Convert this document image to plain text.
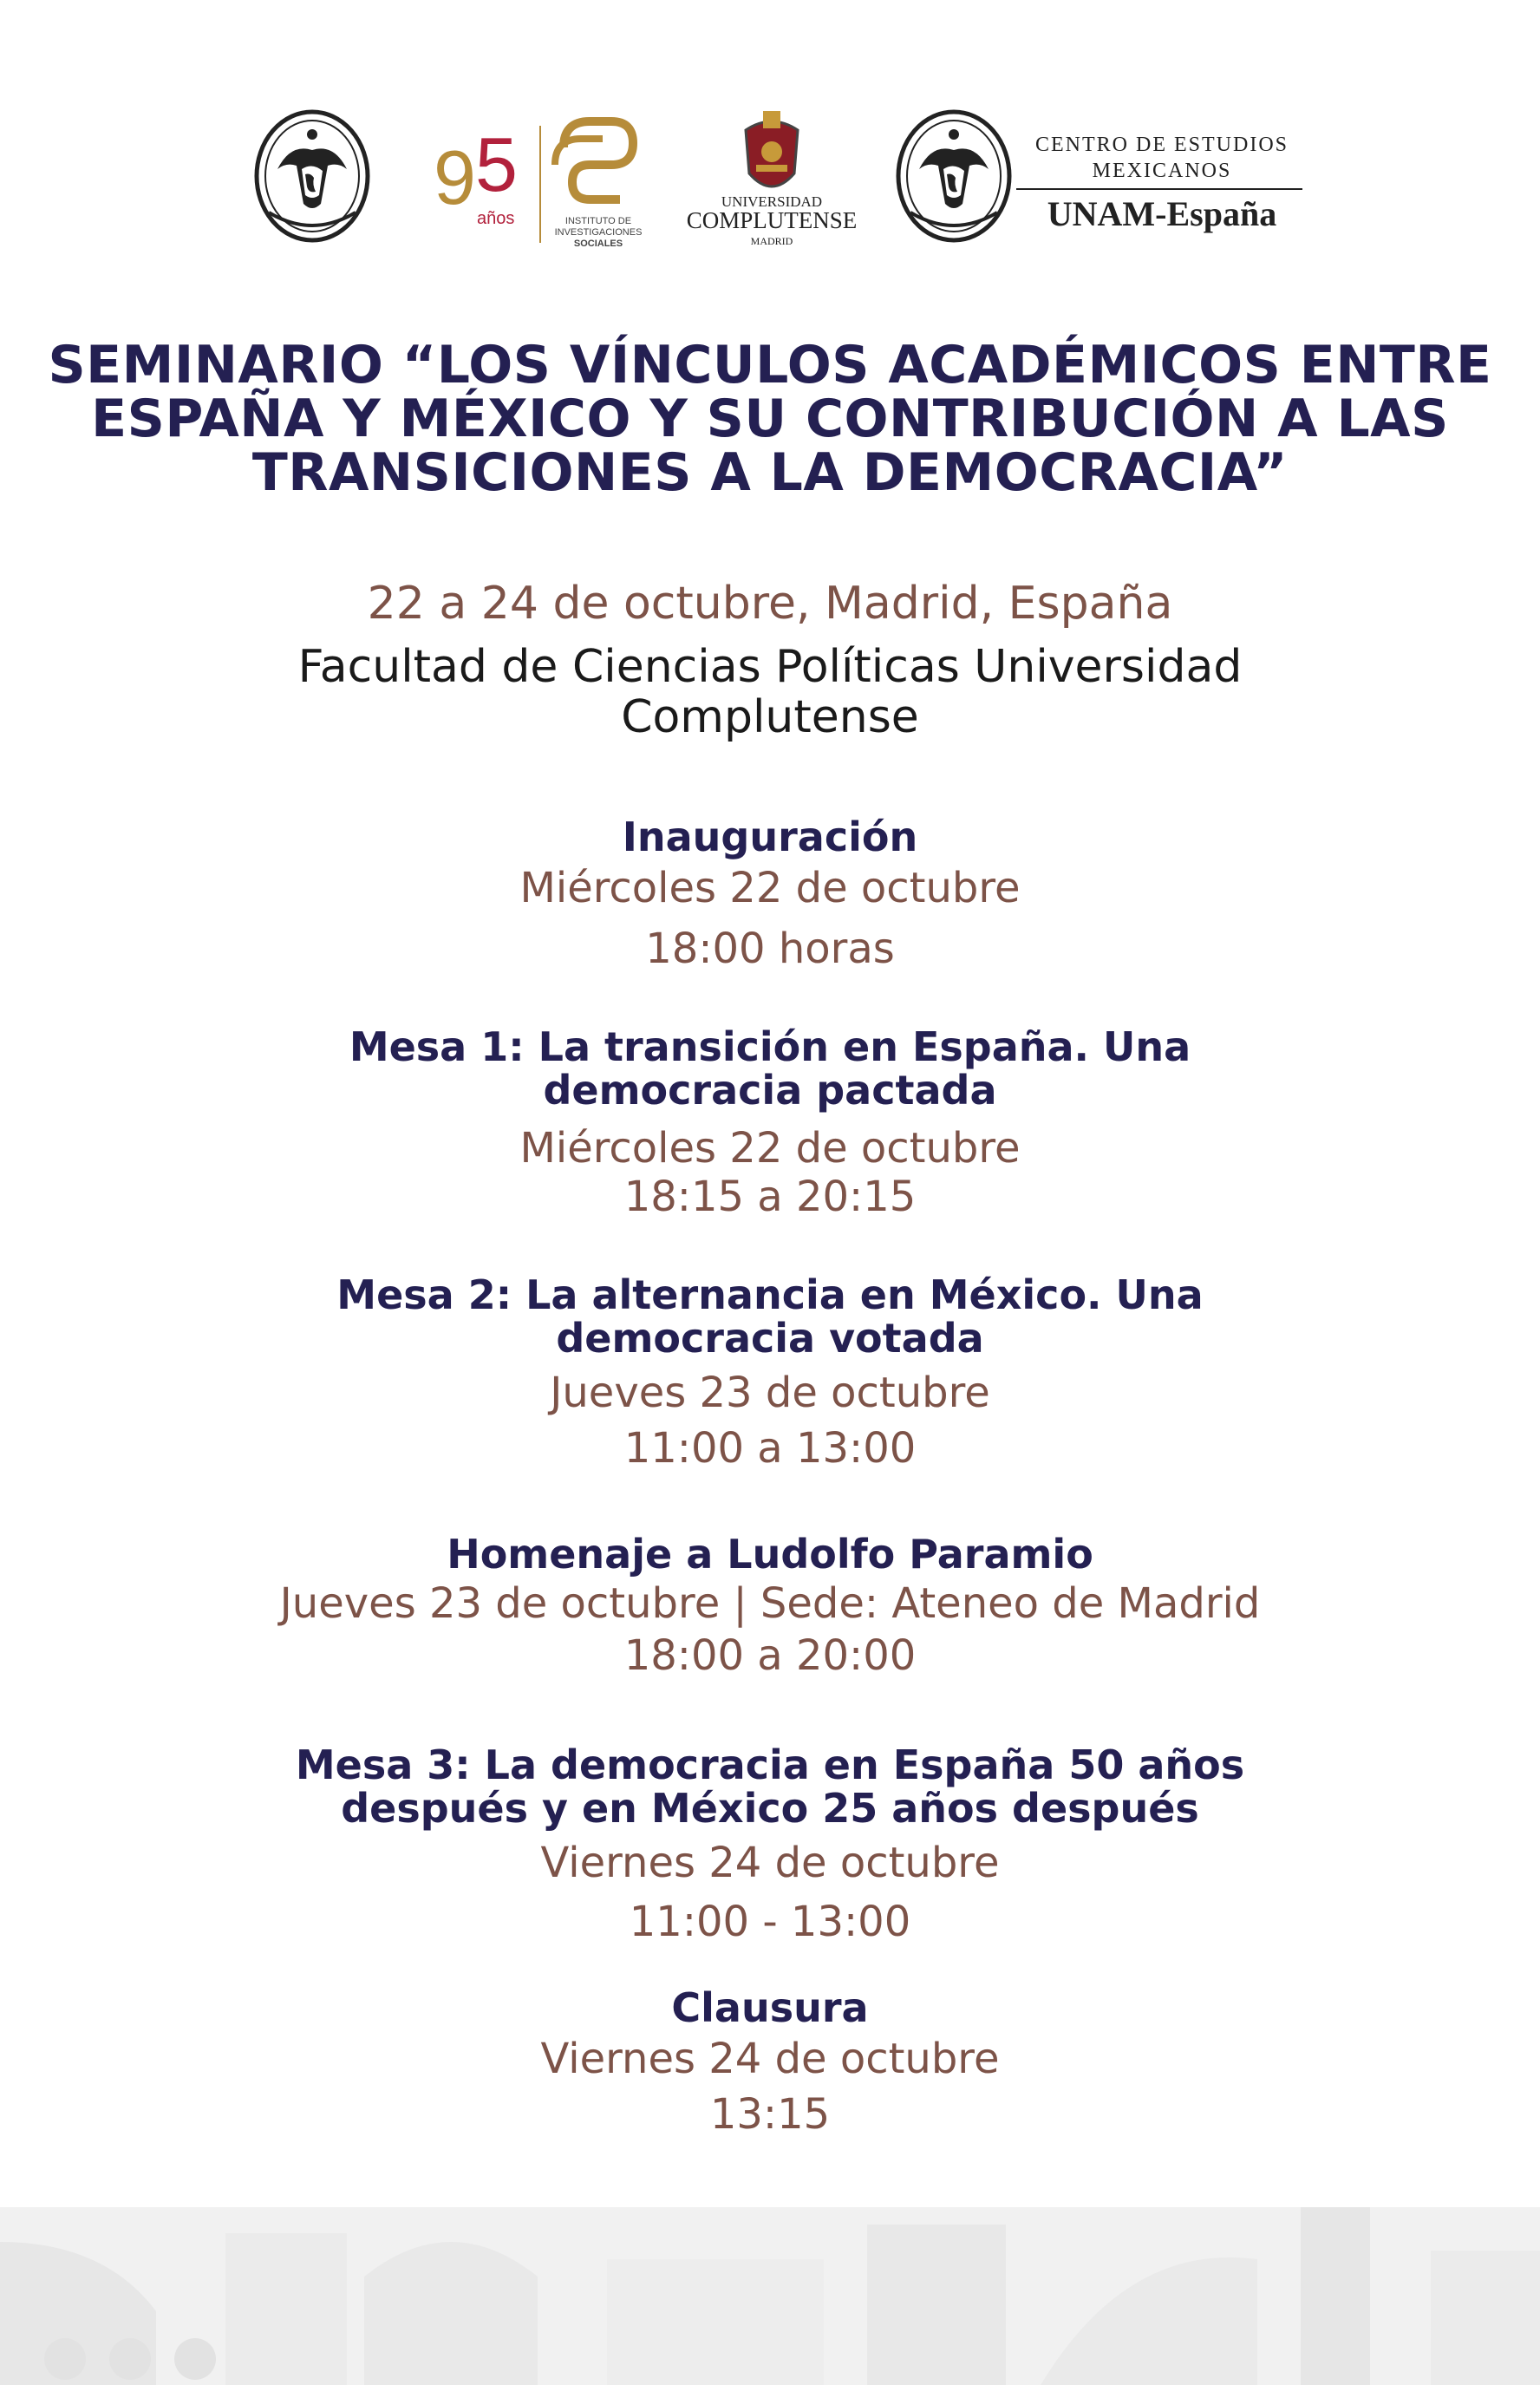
9 5
años	INSTITUTO DE
INVESTIGACIONES
SOCIALES
UNIVERSIDAD
COMPLUTENSE
MADRID
CENTRO DE ESTUDIOS
MEXICANOS
UNAM-España
SEMINARIO “LOS VÍNCULOS ACADÉMICOS ENTRE
ESPAÑA Y MÉXICO Y SU CONTRIBUCIÓN A LAS
TRANSICIONES A LA DEMOCRACIA”
22 a 24 de octubre, Madrid, España
Facultad de Ciencias Políticas Universidad
Complutense
Inauguración
Miércoles 22 de octubre
18:00 horas
Mesa 1: La transición en España. Una
democracia pactada
Miércoles 22 de octubre
18:15 a 20:15
Mesa 2: La alternancia en México. Una
democracia votada
Jueves 23 de octubre
11:00 a 13:00
Homenaje a Ludolfo Paramio
Jueves 23 de octubre | Sede: Ateneo de Madrid
18:00 a 20:00
Mesa 3: La democracia en España 50 años
después y en México 25 años después
Viernes 24 de octubre
11:00 - 13:00
Clausura
Viernes 24 de octubre
13:15
